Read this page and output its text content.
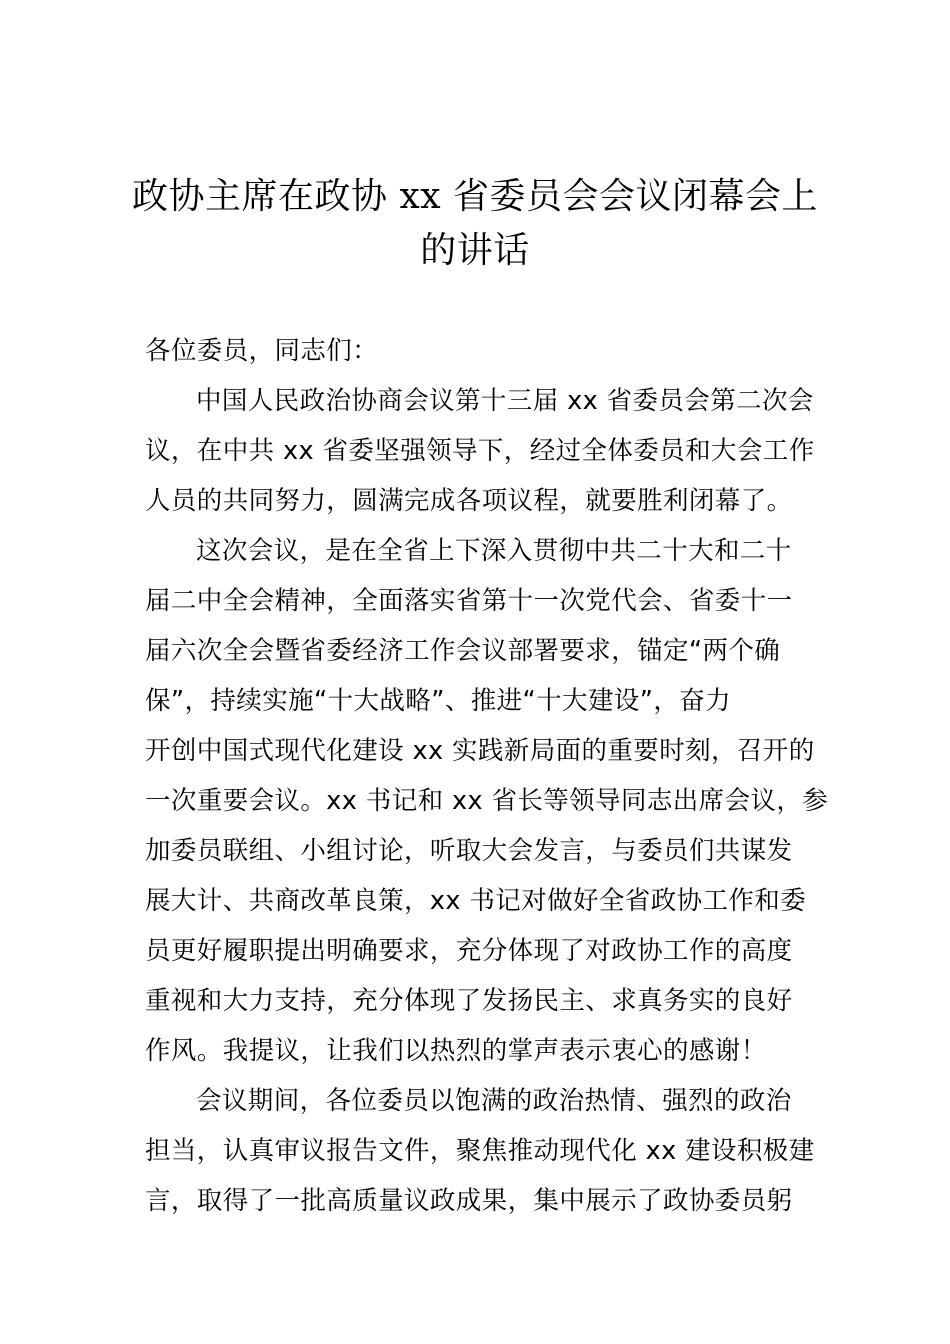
政协主席在政协 xx 省委员会会议闭幕会上
的讲话
各位委员，同志们：
中国人民政治协商会议第十三届 xx 省委员会第二次会
议，在中共 xx 省委坚强领导下，经过全体委员和大会工作
人员的共同努力，圆满完成各项议程，就要胜利闭幕了。
这次会议，是在全省上下深入贯彻中共二十大和二十
届二中全会精神，全面落实省第十一次党代会、省委十一
届六次全会暨省委经济工作会议部署要求，锚定“两个确
保”，持续实施“十大战略”、推进“十大建设”，奋力
开创中国式现代化建设 xx 实践新局面的重要时刻，召开的
一次重要会议。xx 书记和 xx 省长等领导同志出席会议，参
加委员联组、小组讨论，听取大会发言，与委员们共谋发
展大计、共商改革良策，xx 书记对做好全省政协工作和委
员更好履职提出明确要求，充分体现了对政协工作的高度
重视和大力支持，充分体现了发扬民主、求真务实的良好
作风。我提议，让我们以热烈的掌声表示衷心的感谢！
会议期间，各位委员以饱满的政治热情、强烈的政治
担当，认真审议报告文件，聚焦推动现代化 xx 建设积极建
言，取得了一批高质量议政成果，集中展示了政协委员躬
